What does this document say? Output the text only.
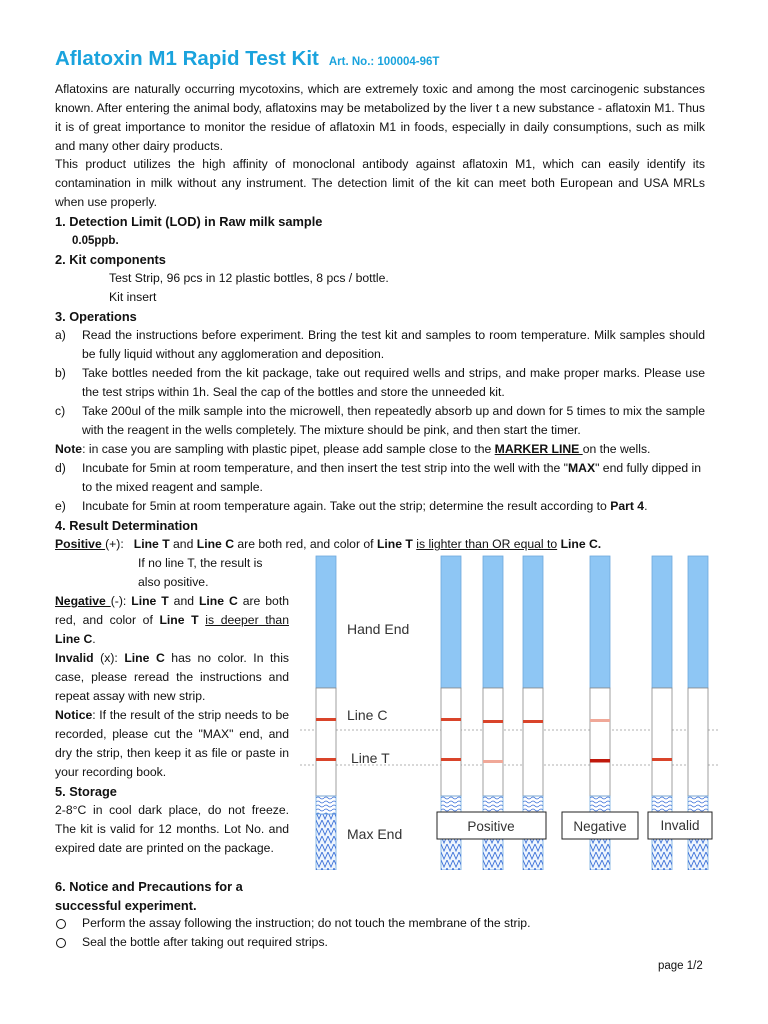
Aflatoxin M1 Rapid Test Kit Art. No.: 100004-96T
Aflatoxins are naturally occurring mycotoxins, which are extremely toxic and among the most carcinogenic substances known. After entering the animal body, aflatoxins may be metabolized by the liver t a new substance - aflatoxin M1. Thus it is of great importance to monitor the residue of aflatoxin M1 in foods, especially in daily consumptions, such as milk and many other dairy products.
This product utilizes the high affinity of monoclonal antibody against aflatoxin M1, which can easily identify its contamination in milk without any instrument. The detection limit of the kit can meet both European and USA MRLs when use properly.
1. Detection Limit (LOD) in Raw milk sample
0.05ppb.
2. Kit components
Test Strip, 96 pcs in 12 plastic bottles, 8 pcs / bottle.
Kit insert
3. Operations
a) Read the instructions before experiment. Bring the test kit and samples to room temperature. Milk samples should be fully liquid without any agglomeration and deposition.
b) Take bottles needed from the kit package, take out required wells and strips, and make proper marks. Please use the test strips within 1h. Seal the cap of the bottles and store the unneeded kit.
c) Take 200ul of the milk sample into the microwell, then repeatedly absorb up and down for 5 times to mix the sample with the reagent in the wells completely. The mixture should be pink, and then start the timer.
Note: in case you are sampling with plastic pipet, please add sample close to the MARKER LINE on the wells.
d) Incubate for 5min at room temperature, and then insert the test strip into the well with the "MAX" end fully dipped in to the mixed reagent and sample.
e) Incubate for 5min at room temperature again. Take out the strip; determine the result according to Part 4.
4. Result Determination
Positive (+): Line T and Line C are both red, and color of Line T is lighter than OR equal to Line C.
If no line T, the result is
also positive.
Negative (-): Line T and Line C are both red, and color of Line T is deeper than Line C.
Invalid (x): Line C has no color. In this case, please reread the instructions and repeat assay with new strip.
Notice: If the result of the strip needs to be recorded, please cut the "MAX" end, and dry the strip, then keep it as file or paste in your recording book.
5. Storage
2-8°C in cool dark place, do not freeze. The kit is valid for 12 months. Lot No. and expired date are printed on the package.
6. Notice and Precautions for a successful experiment.
Perform the assay following the instruction; do not touch the membrane of the strip.
Seal the bottle after taking out required strips.
Hand End
Line C
Line T
Max End	Positive	Negative	Invalid
page 1/2
